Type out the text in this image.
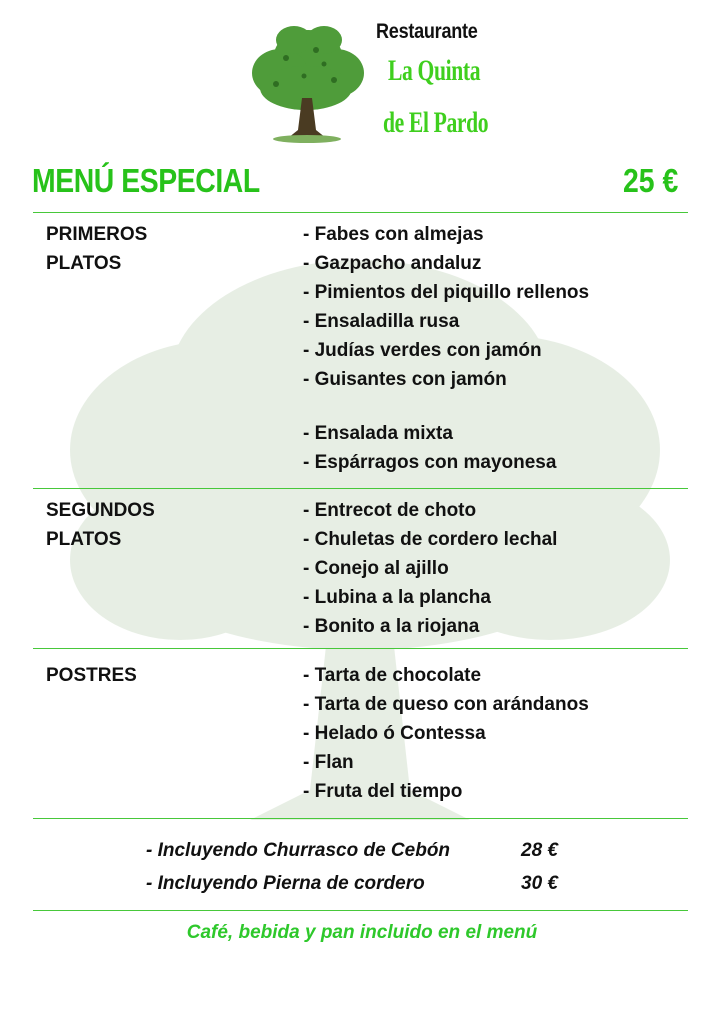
Restaurante
La Quinta
de El Pardo
MENÚ ESPECIAL	25 €
PRIMEROS
PLATOS
- Fabes con almejas
- Gazpacho andaluz
- Pimientos del piquillo rellenos
- Ensaladilla rusa
- Judías verdes con jamón
- Guisantes con jamón
- Ensalada mixta
- Espárragos con mayonesa
SEGUNDOS
PLATOS
- Entrecot de choto
- Chuletas de cordero lechal
- Conejo al ajillo
- Lubina a la plancha
- Bonito a la riojana
POSTRES	- Tarta de chocolate
- Tarta de queso con arándanos
- Helado ó Contessa
- Flan
- Fruta del tiempo
- Incluyendo Churrasco de Cebón	28 €
- Incluyendo Pierna de cordero	30 €
Café, bebida y pan incluido en el menú
